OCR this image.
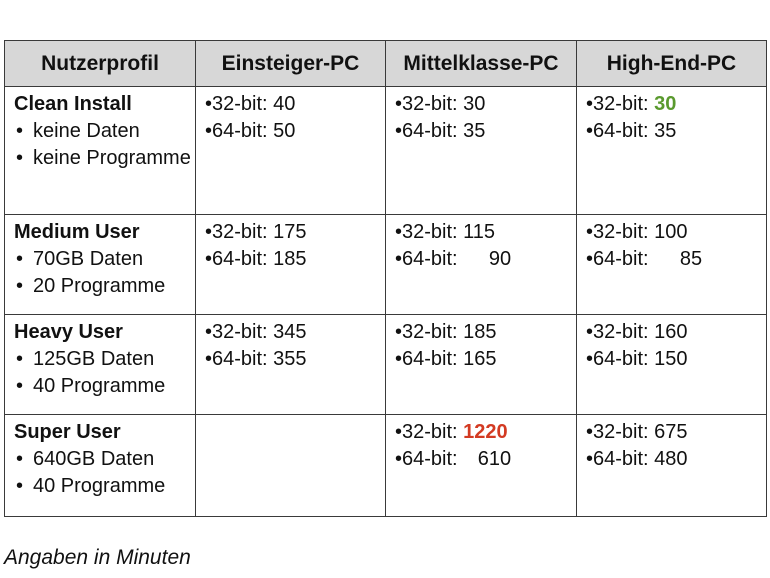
Nutzerprofil	Einsteiger-PC	Mittelklasse-PC	High-End-PC

Clean Install
• keine Daten
• keine Programme	•32-bit: 40
•64-bit: 50	•32-bit: 30
•64-bit: 35	•32-bit: 30
•64-bit: 35

Medium User
• 70GB Daten
• 20 Programme	•32-bit: 175
•64-bit: 185	•32-bit: 115
•64-bit: 90	•32-bit: 100
•64-bit: 85

Heavy User
• 125GB Daten
• 40 Programme	•32-bit: 345
•64-bit: 355	•32-bit: 185
•64-bit: 165	•32-bit: 160
•64-bit: 150

Super User
• 640GB Daten
• 40 Programme		•32-bit: 1220
•64-bit: 610	•32-bit: 675
•64-bit: 480
Angaben in Minuten
